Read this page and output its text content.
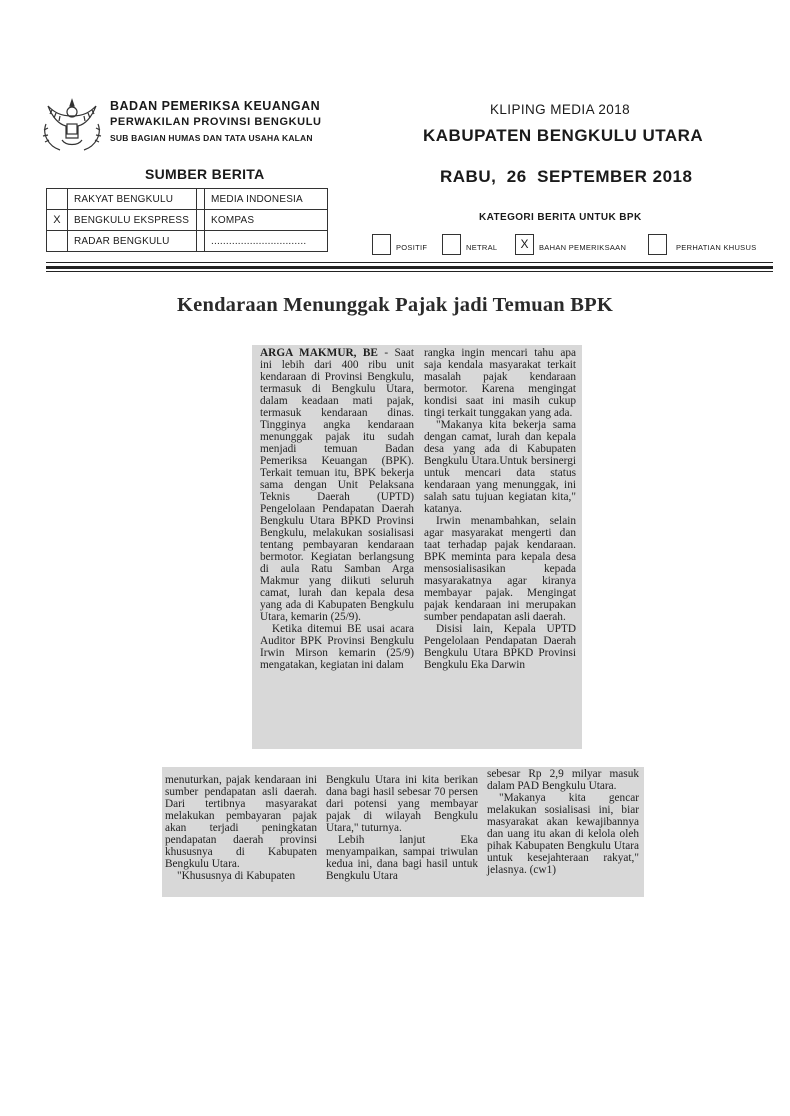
BADAN PEMERIKSA KEUANGAN
PERWAKILAN PROVINSI BENGKULU
SUB BAGIAN HUMAS DAN TATA USAHA KALAN
KLIPING MEDIA 2018
KABUPATEN BENGKULU UTARA
RABU,  26  SEPTEMBER 2018
SUMBER BERITA
	RAKYAT BENGKULU		MEDIA INDONESIA
X	BENGKULU EKSPRESS		KOMPAS
	RADAR BENGKULU		................................
KATEGORI BERITA UNTUK BPK
POSITIF	NETRAL	X	BAHAN PEMERIKSAAN	PERHATIAN KHUSUS
Kendaraan Menunggak Pajak jadi Temuan BPK

ARGA MAKMUR, BE - Saat ini lebih dari 400 ribu unit kendaraan di Provinsi Bengkulu, termasuk di Bengkulu Utara, dalam keadaan mati pajak, termasuk kendaraan dinas. Tingginya angka kendaraan menunggak pajak itu sudah menjadi temuan Badan Pemeriksa Keuangan (BPK). Terkait temuan itu, BPK bekerja sama dengan Unit Pelaksana Teknis Daerah (UPTD) Pengelolaan Pendapatan Daerah Bengkulu Utara BPKD Provinsi Bengkulu, melakukan sosialisasi tentang pembayaran kendaraan bermotor. Kegiatan berlangsung di aula Ratu Samban Arga Makmur yang diikuti seluruh camat, lurah dan kepala desa yang ada di Kabupaten Bengkulu Utara, kemarin (25/9).

Ketika ditemui BE usai acara Auditor BPK Provinsi Bengkulu Irwin Mirson kemarin (25/9) mengatakan, kegiatan ini dalam

rangka ingin mencari tahu apa saja kendala masyarakat terkait masalah pajak kendaraan bermotor. Karena mengingat kondisi saat ini masih cukup tingi terkait tunggakan yang ada.

"Makanya kita bekerja sama dengan camat, lurah dan kepala desa yang ada di Kabupaten Bengkulu Utara.Untuk bersinergi untuk mencari data status kendaraan yang menunggak, ini salah satu tujuan kegiatan kita," katanya.

Irwin menambahkan, selain agar masyarakat mengerti dan taat terhadap pajak kendaraan. BPK meminta para kepala desa mensosialisasikan kepada masyarakatnya agar kiranya membayar pajak. Mengingat pajak kendaraan ini merupakan sumber pendapatan asli daerah.

Disisi lain, Kepala UPTD Pengelolaan Pendapatan Daerah Bengkulu Utara BPKD Provinsi Bengkulu Eka Darwin

menuturkan, pajak kendaraan ini sumber pendapatan asli daerah. Dari tertibnya masyarakat melakukan pembayaran pajak akan terjadi peningkatan pendapatan daerah provinsi khususnya di Kabupaten Bengkulu Utara.

"Khususnya di Kabupaten

Bengkulu Utara ini kita berikan dana bagi hasil sebesar 70 persen dari potensi yang membayar pajak di wilayah Bengkulu Utara," tuturnya.

Lebih lanjut Eka menyampaikan, sampai triwulan kedua ini, dana bagi hasil untuk Bengkulu Utara

sebesar Rp 2,9 milyar masuk dalam PAD Bengkulu Utara.

"Makanya kita gencar melakukan sosialisasi ini, biar masyarakat akan kewajibannya dan uang itu akan di kelola oleh pihak Kabupaten Bengkulu Utara untuk kesejahteraan rakyat," jelasnya. (cw1)
